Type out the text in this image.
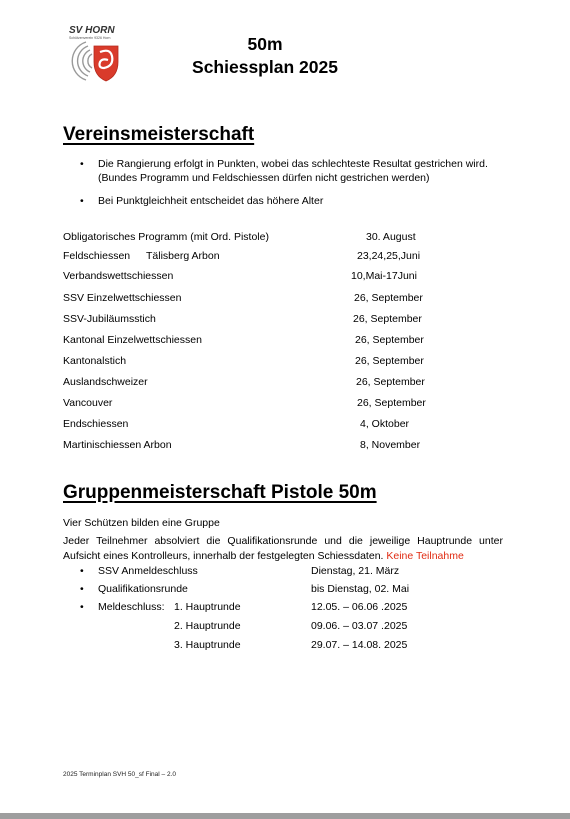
SV HORN
Schützenverein 9326 Horn	50m
Schiessplan 2025
Vereinsmeisterschaft
• Die Rangierung erfolgt in Punkten, wobei das schlechteste Resultat gestrichen wird.
(Bundes Programm und Feldschiessen dürfen nicht gestrichen werden)
• Bei Punktgleichheit entscheidet das höhere Alter
Obligatorisches Programm (mit Ord. Pistole)	30. August
Feldschiessen Tälisberg Arbon	23,24,25,Juni
Verbandswettschiessen	10,Mai-17Juni
SSV Einzelwettschiessen	26, September
SSV-Jubiläumsstich	26, September
Kantonal Einzelwettschiessen	26, September
Kantonalstich	26, September
Auslandschweizer	26, September
Vancouver	26, September
Endschiessen	4, Oktober
Martinischiessen Arbon	8, November
Gruppenmeisterschaft Pistole 50m
Vier Schützen bilden eine Gruppe
Jeder Teilnehmer absolviert die Qualifikationsrunde und die jeweilige Hauptrunde unter Aufsicht eines Kontrolleurs, innerhalb der festgelegten Schiessdaten. Keine Teilnahme
• SSV Anmeldeschluss	Dienstag, 21. März
• Qualifikationsrunde	bis Dienstag, 02. Mai
• Meldeschluss: 1. Hauptrunde	12.05. – 06.06 .2025
2. Hauptrunde	09.06. – 03.07 .2025
3. Hauptrunde	29.07. – 14.08. 2025
2025 Terminplan SVH 50_sf Final – 2.0
